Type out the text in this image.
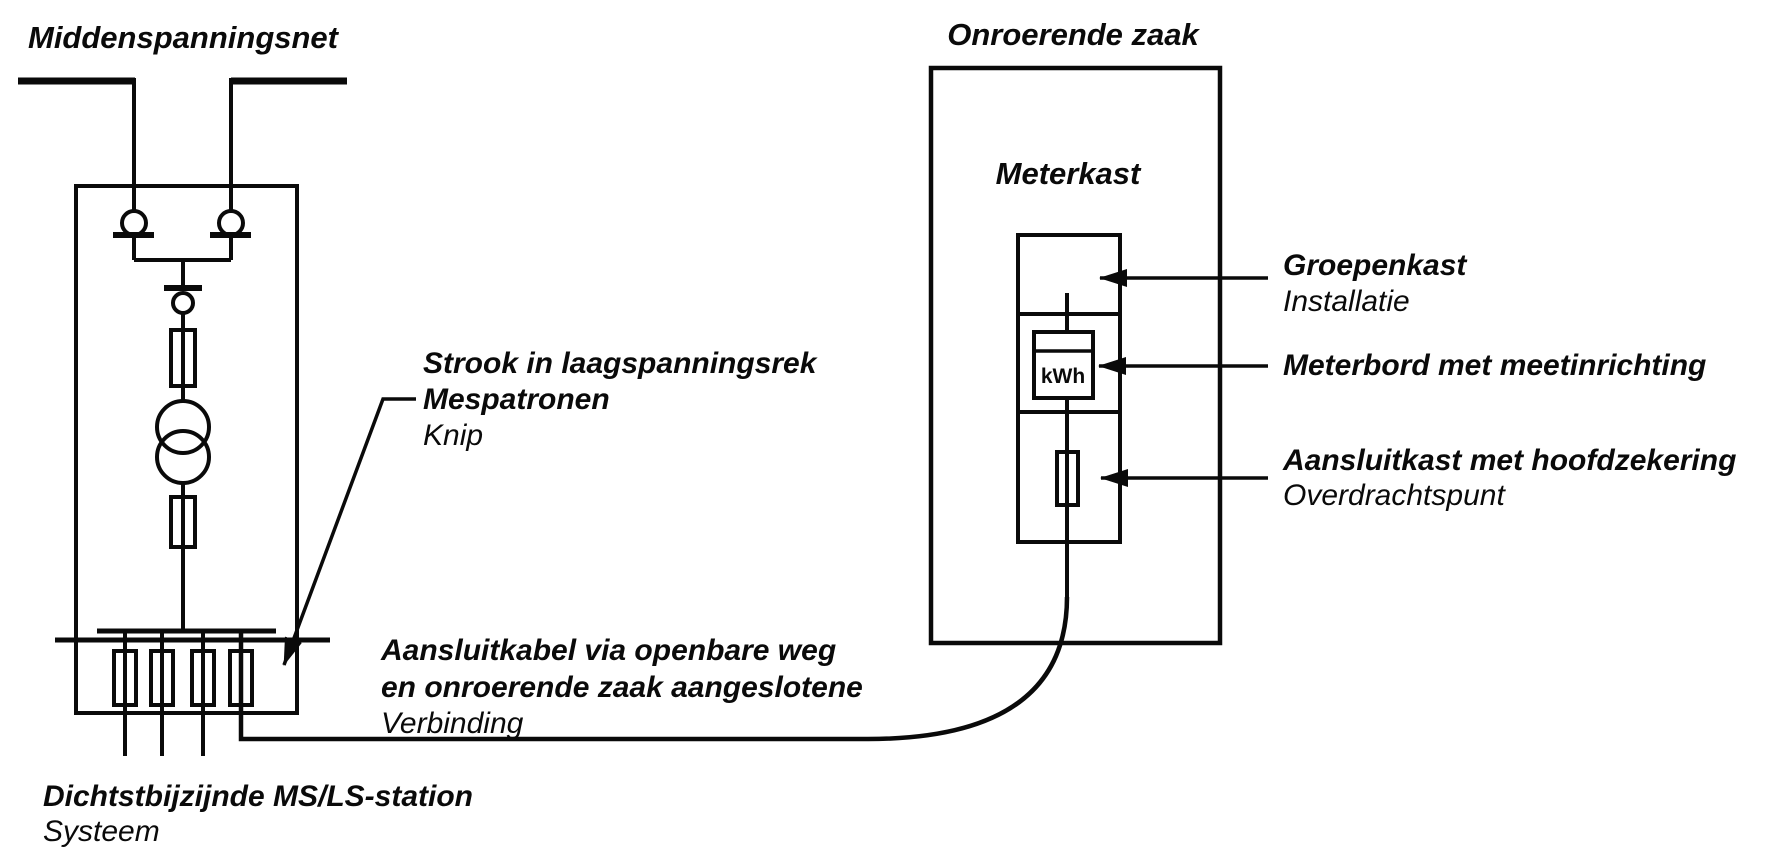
kWh
Middenspanningsnet	Onroerende zaak
Meterkast
Strook in laagspanningsrek
Mespatronen
Knip
Aansluitkabel via openbare weg
en onroerende zaak aangeslotene
Verbinding
Dichtstbijzijnde MS/LS-station
Systeem
Groepenkast
Installatie
Meterbord met meetinrichting
Aansluitkast met hoofdzekering
Overdrachtspunt
